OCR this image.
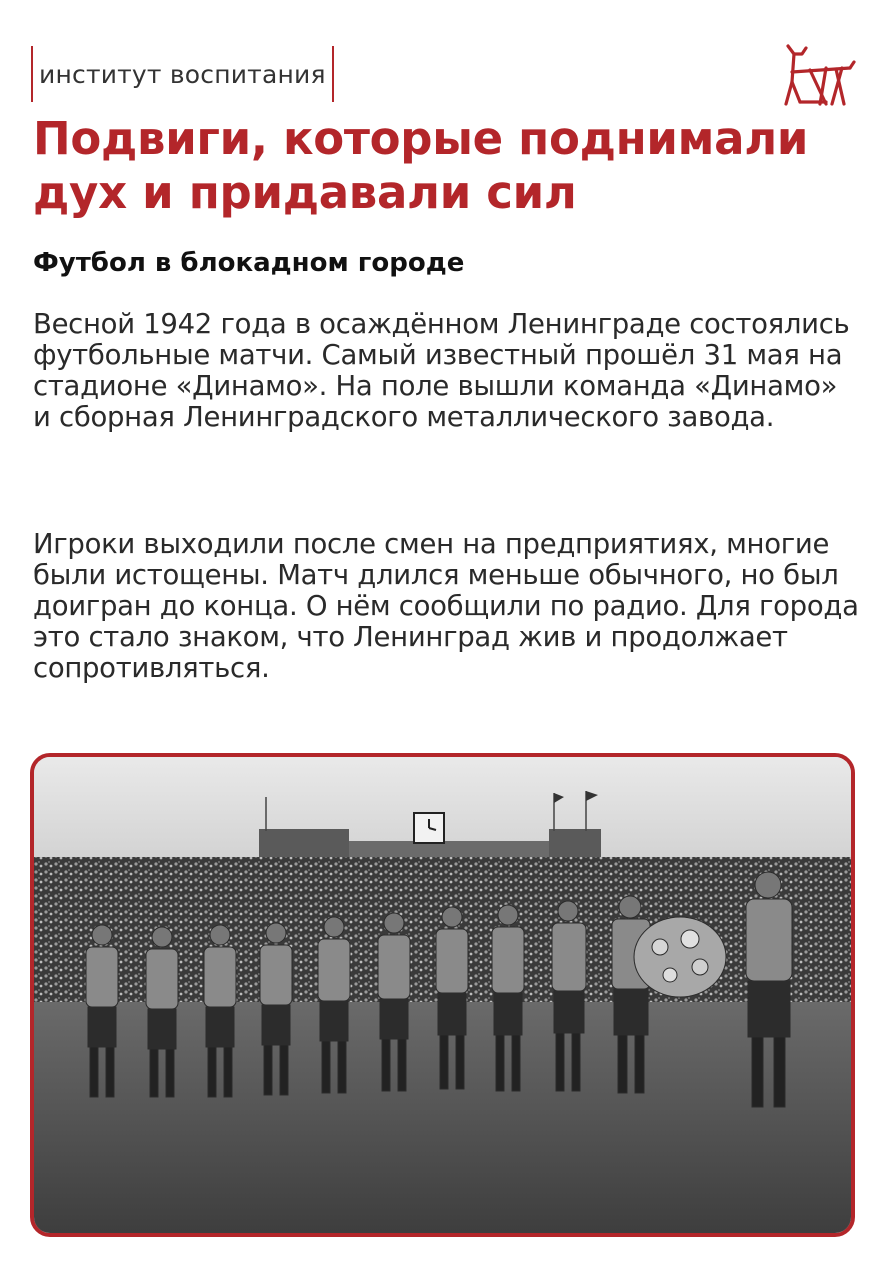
институт воспитания
Подвиги, которые поднимали дух и придавали сил
Футбол в блокадном городе

Весной 1942 года в осаждённом Ленинграде состоялись футбольные матчи. Самый известный прошёл 31 мая на стадионе «Динамо». На поле вышли команда «Динамо» и сборная Ленинградского металлического завода.

Игроки выходили после смен на предприятиях, многие были истощены. Матч длился меньше обычного, но был доигран до конца. О нём сообщили по радио. Для города это стало знаком, что Ленинград жив и продолжает сопротивляться.
